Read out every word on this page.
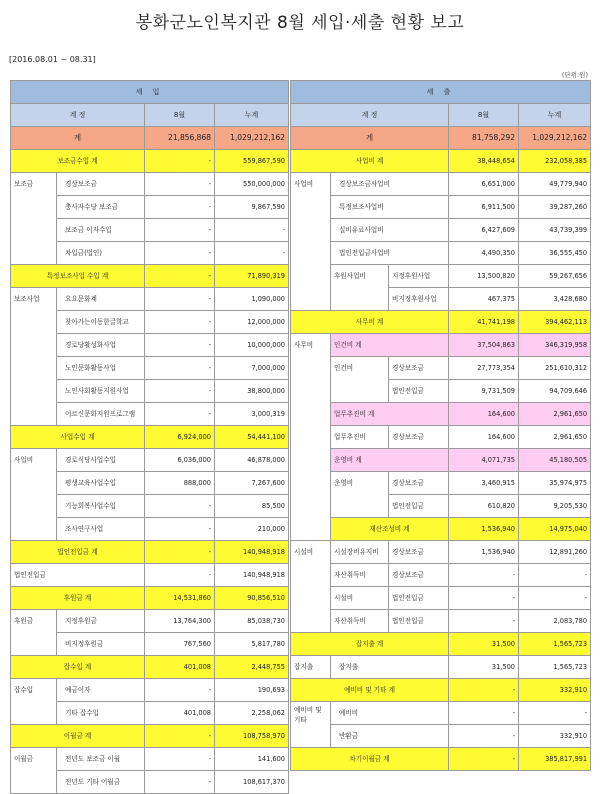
봉화군노인복지관 8월 세입·세출 현황 보고
[2016.08.01 ~ 08.31]
(단위:원)
세 입			
계 정		8월	누계
계		21,856,868	1,029,212,162
보조금수입 계		-	559,867,590
보조금	경상보조금	-	550,000,000
	충사자수당 보조금	-	9,867,590
	보조금 이자수입	-	-
	차입금(법인)	-	-
특정보조사업 수입 계		-	71,890,319
보조사업	요요문화계	-	1,090,000
	찾아가는이동한글학교	-	12,000,000
	경로당활성화사업	-	10,000,000
	노인문화활동사업	-	7,000,000
	노인사회활동지원사업	-	38,800,000
	어르신문화지원프로그램	-	3,000,319
사업수입 계		6,924,000	54,441,100
사업비	경로식당사업수입	6,036,000	46,878,000
	평생교육사업수입	888,000	7,267,600
	기능회복사업수입	-	85,500
	조사연구사업	-	210,000
법인전입금 계		-	140,948,918
법인전입금		-	140,948,918
후원금 계		14,531,860	90,856,510
후원금	지정후원금	13,764,300	85,038,730
	비지정후원금	767,560	5,817,780
잡수입 계		401,008	2,448,755
잡수입	예금이자	-	190,693
	기타 잡수입	401,008	2,258,062
이월금 계		-	108,758,970
이월금	전년도 보조금 이월	-	141,600
	전년도 기타 이월금	-	108,617,370
세 출				
계 정			8월	누계
계			81,758,292	1,029,212,162
사업비 계			38,448,654	232,058,385
사업비	경상보조금사업비		6,651,000	49,779,940
	특정보조사업비		6,911,500	39,287,260
	실비유료사업비		6,427,609	43,739,399
	법인전입금사업비		4,490,350	36,555,450
	후원사업비	지정후원사업	13,500,820	59,267,656
		비지정후원사업	467,375	3,428,680
사무비 계			41,741,198	394,462,113
사무비	인건비 계		37,504,863	346,319,958
	인건비	경상보조금	27,773,354	251,610,312
		법인전입금	9,731,509	94,709,646
	업무추진비 계		164,600	2,961,650
	업무추진비	경상보조금	164,600	2,961,650
	운영비 계		4,071,735	45,180,505
	운영비	경상보조금	3,460,915	35,974,975
		법인전입금	610,820	9,205,530
	재산조성비 계		1,536,940	14,975,040
시설비	시설장비유지비	경상보조금	1,536,940	12,891,260
	자산취득비	경상보조금	-	-
	시설비	법인전입금	-	-
	자산취득비	법인전입금	-	2,083,780
잡지출 계			31,500	1,565,723
잡지출	잡지출		31,500	1,565,723
예비비 및 기타 계			-	332,910
예비비 및기타	예비비		-	-
	반환금		-	332,910
차기이월금 계			-	385,817,991
